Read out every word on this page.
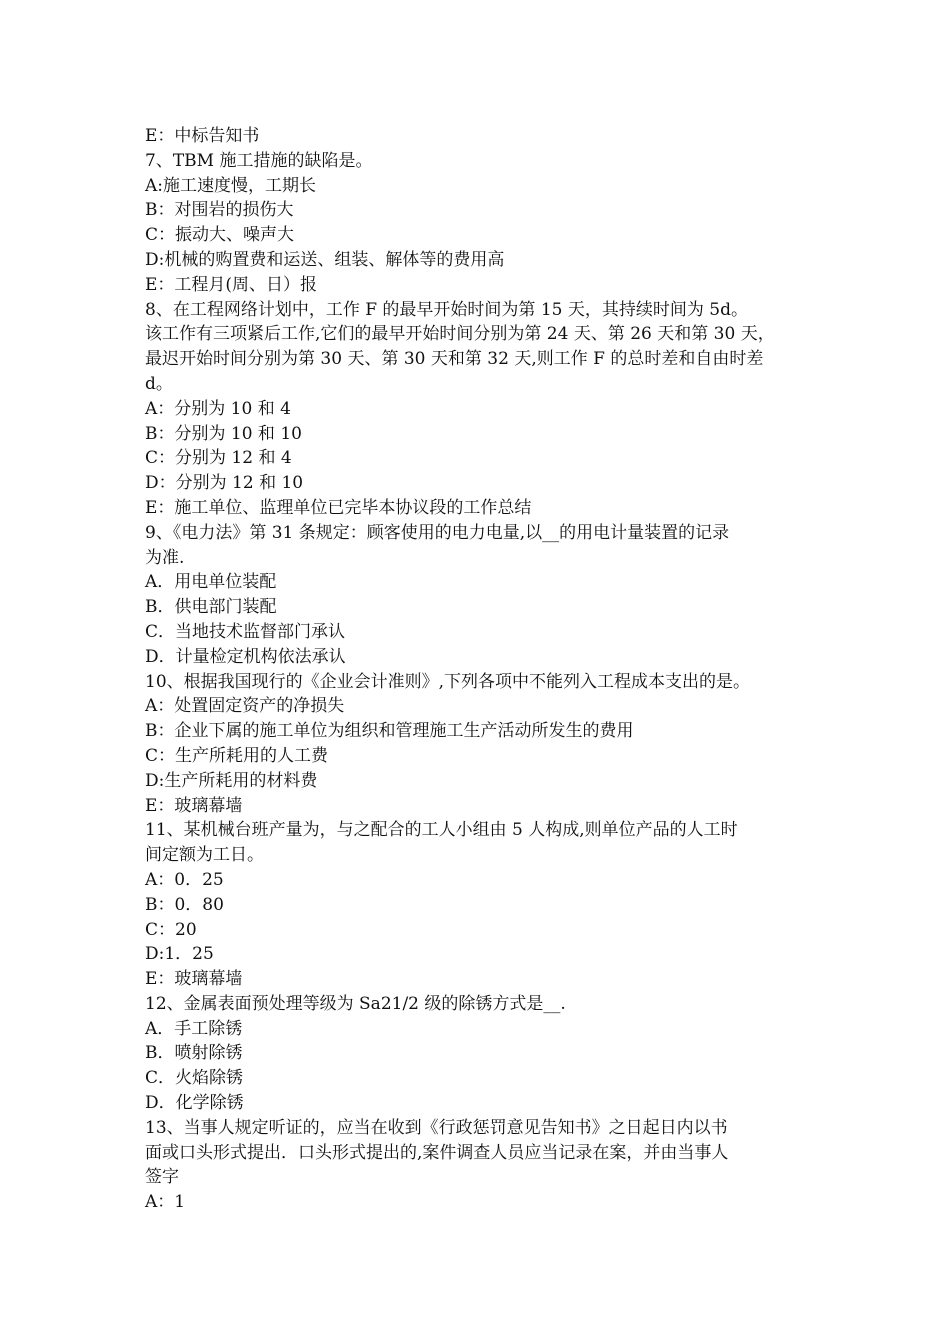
E：中标告知书

7、TBM 施工措施的缺陷是。

A:施工速度慢，工期长

B：对围岩的损伤大

C：振动大、噪声大

D:机械的购置费和运送、组装、解体等的费用高

E：工程月(周、日）报

8、在工程网络计划中，工作 F 的最早开始时间为第 15 天，其持续时间为 5d。

该工作有三项紧后工作,它们的最早开始时间分别为第 24 天、第 26 天和第 30 天，

最迟开始时间分别为第 30 天、第 30 天和第 32 天,则工作 F 的总时差和自由时差

d。

A：分别为 10 和 4

B：分别为 10 和 10

C：分别为 12 和 4

D：分别为 12 和 10

E：施工单位、监理单位已完毕本协议段的工作总结

9、《电力法》第 31 条规定：顾客使用的电力电量,以__的用电计量装置的记录

为准.

A．用电单位装配

B．供电部门装配

C．当地技术监督部门承认

D．计量检定机构依法承认

10、根据我国现行的《企业会计准则》,下列各项中不能列入工程成本支出的是。

A：处置固定资产的净损失

B：企业下属的施工单位为组织和管理施工生产活动所发生的费用

C：生产所耗用的人工费

D:生产所耗用的材料费

E：玻璃幕墙

11、某机械台班产量为，与之配合的工人小组由 5 人构成,则单位产品的人工时

间定额为工日。

A：0．25

B：0．80

C：20

D:1．25

E：玻璃幕墙

12、金属表面预处理等级为 Sa21/2 级的除锈方式是__.

A．手工除锈

B．喷射除锈

C．火焰除锈

D．化学除锈

13、当事人规定听证的，应当在收到《行政惩罚意见告知书》之日起日内以书

面或口头形式提出．口头形式提出的,案件调查人员应当记录在案，并由当事人

签字

A：1
